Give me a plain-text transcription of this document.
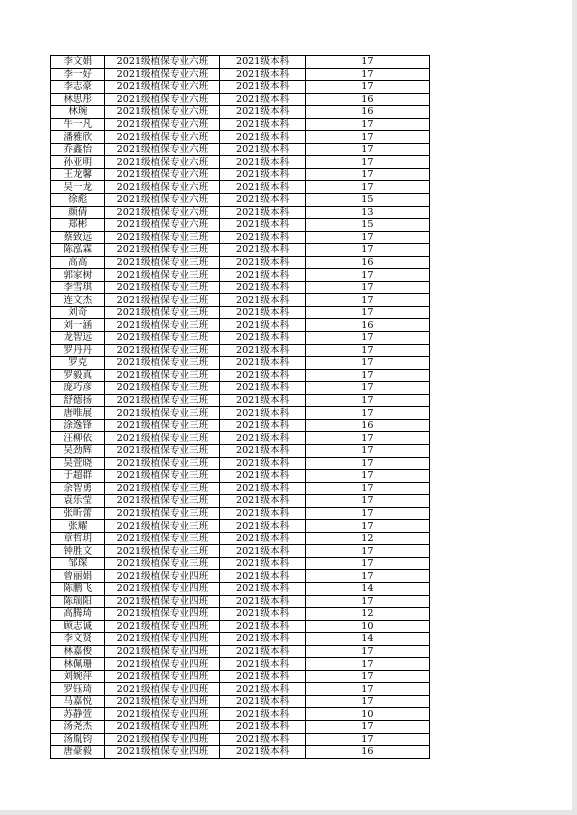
李文娟	2021级植保专业六班	2021级本科	17
李一好	2021级植保专业六班	2021级本科	17
李志豪	2021级植保专业六班	2021级本科	17
林思彤	2021级植保专业六班	2021级本科	16
林琬	2021级植保专业六班	2021级本科	16
牛一凡	2021级植保专业六班	2021级本科	17
潘雅欣	2021级植保专业六班	2021级本科	17
乔鑫怡	2021级植保专业六班	2021级本科	17
孙亚明	2021级植保专业六班	2021级本科	17
王龙馨	2021级植保专业六班	2021级本科	17
吴一龙	2021级植保专业六班	2021级本科	17
徐彪	2021级植保专业六班	2021级本科	15
颜倩	2021级植保专业六班	2021级本科	13
郑彬	2021级植保专业六班	2021级本科	15
蔡致远	2021级植保专业三班	2021级本科	17
陈泓霖	2021级植保专业三班	2021级本科	17
高高	2021级植保专业三班	2021级本科	16
郭家树	2021级植保专业三班	2021级本科	17
李雪琪	2021级植保专业三班	2021级本科	17
连文杰	2021级植保专业三班	2021级本科	17
刘奇	2021级植保专业三班	2021级本科	17
刘一涵	2021级植保专业三班	2021级本科	16
龙智远	2021级植保专业三班	2021级本科	17
罗丹丹	2021级植保专业三班	2021级本科	17
罗克	2021级植保专业三班	2021级本科	17
罗毅真	2021级植保专业三班	2021级本科	17
庞巧彦	2021级植保专业三班	2021级本科	17
舒德扬	2021级植保专业三班	2021级本科	17
唐唯展	2021级植保专业三班	2021级本科	17
涂逸锋	2021级植保专业三班	2021级本科	16
汪柳依	2021级植保专业三班	2021级本科	17
吴劲辉	2021级植保专业三班	2021级本科	17
吴萱晓	2021级植保专业三班	2021级本科	17
于超群	2021级植保专业三班	2021级本科	17
余智勇	2021级植保专业三班	2021级本科	17
袁乐莹	2021级植保专业三班	2021级本科	17
张昕蕾	2021级植保专业三班	2021级本科	17
张耀	2021级植保专业三班	2021级本科	17
章哲玥	2021级植保专业三班	2021级本科	12
钟胜文	2021级植保专业三班	2021级本科	17
邹琛	2021级植保专业三班	2021级本科	17
曾丽娟	2021级植保专业四班	2021级本科	17
陈鹏飞	2021级植保专业四班	2021级本科	14
陈瑞阳	2021级植保专业四班	2021级本科	17
高腾琦	2021级植保专业四班	2021级本科	12
顾志诚	2021级植保专业四班	2021级本科	10
李文贤	2021级植保专业四班	2021级本科	14
林嘉俊	2021级植保专业四班	2021级本科	17
林佩珊	2021级植保专业四班	2021级本科	17
刘婉萍	2021级植保专业四班	2021级本科	17
罗钰琦	2021级植保专业四班	2021级本科	17
马嘉悦	2021级植保专业四班	2021级本科	17
苏静萱	2021级植保专业四班	2021级本科	10
汤尧杰	2021级植保专业四班	2021级本科	17
汤胤钧	2021级植保专业四班	2021级本科	17
唐豪毅	2021级植保专业四班	2021级本科	16
